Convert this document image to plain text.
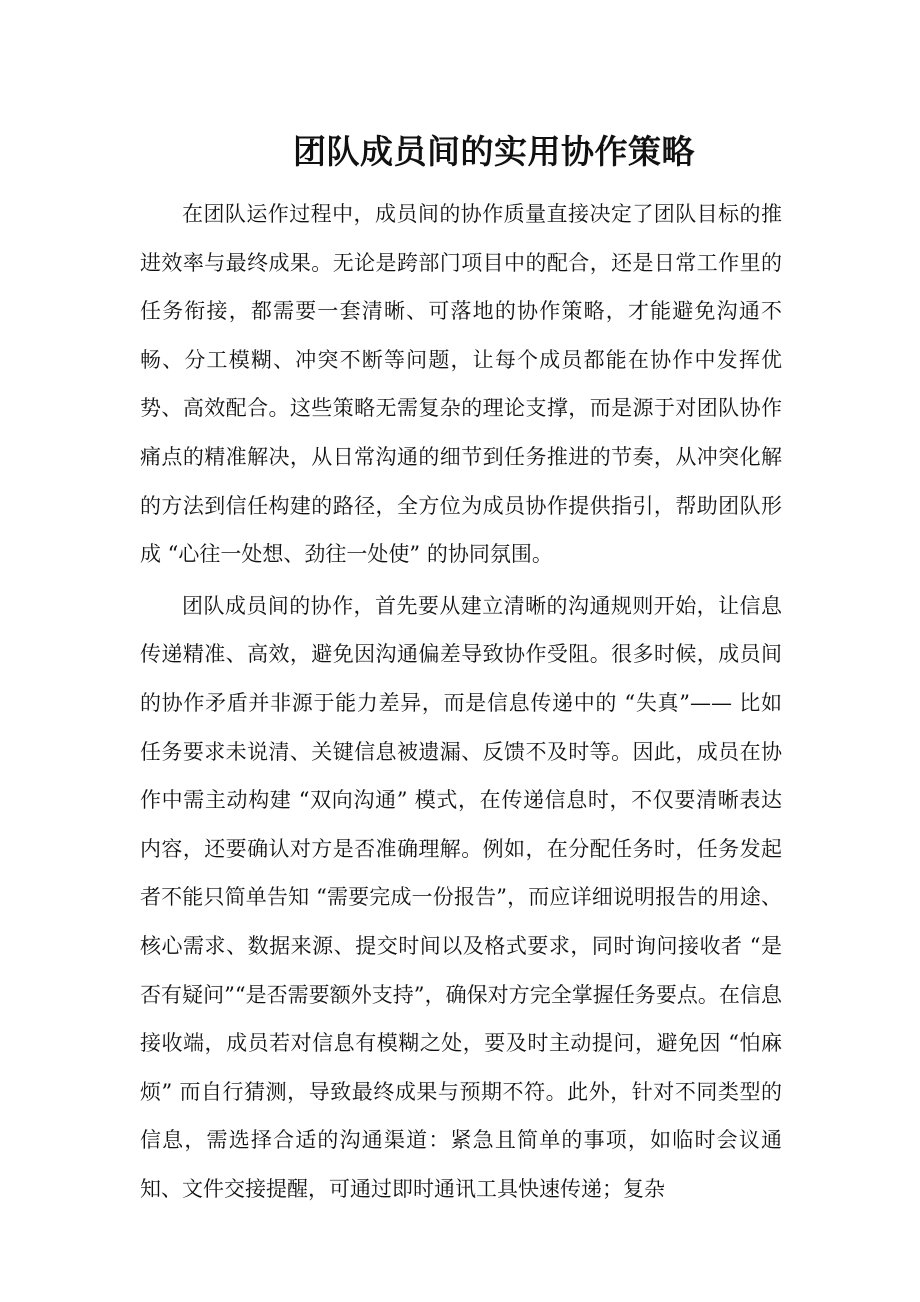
团队成员间的实用协作策略

在团队运作过程中，成员间的协作质量直接决定了团队目标的推进效率与最终成果。无论是跨部门项目中的配合，还是日常工作里的任务衔接，都需要一套清晰、可落地的协作策略，才能避免沟通不畅、分工模糊、冲突不断等问题，让每个成员都能在协作中发挥优势、高效配合。这些策略无需复杂的理论支撑，而是源于对团队协作痛点的精准解决，从日常沟通的细节到任务推进的节奏，从冲突化解的方法到信任构建的路径，全方位为成员协作提供指引，帮助团队形成 “心往一处想、劲往一处使” 的协同氛围。

团队成员间的协作，首先要从建立清晰的沟通规则开始，让信息传递精准、高效，避免因沟通偏差导致协作受阻。很多时候，成员间的协作矛盾并非源于能力差异，而是信息传递中的 “失真”—— 比如任务要求未说清、关键信息被遗漏、反馈不及时等。因此，成员在协作中需主动构建 “双向沟通” 模式，在传递信息时，不仅要清晰表达内容，还要确认对方是否准确理解。例如，在分配任务时，任务发起者不能只简单告知 “需要完成一份报告”，而应详细说明报告的用途、核心需求、数据来源、提交时间以及格式要求，同时询问接收者 “是否有疑问”“是否需要额外支持”，确保对方完全掌握任务要点。在信息接收端，成员若对信息有模糊之处，要及时主动提问，避免因 “怕麻烦” 而自行猜测，导致最终成果与预期不符。此外，针对不同类型的信息，需选择合适的沟通渠道：紧急且简单的事项，如临时会议通知、文件交接提醒，可通过即时通讯工具快速传递；复杂
